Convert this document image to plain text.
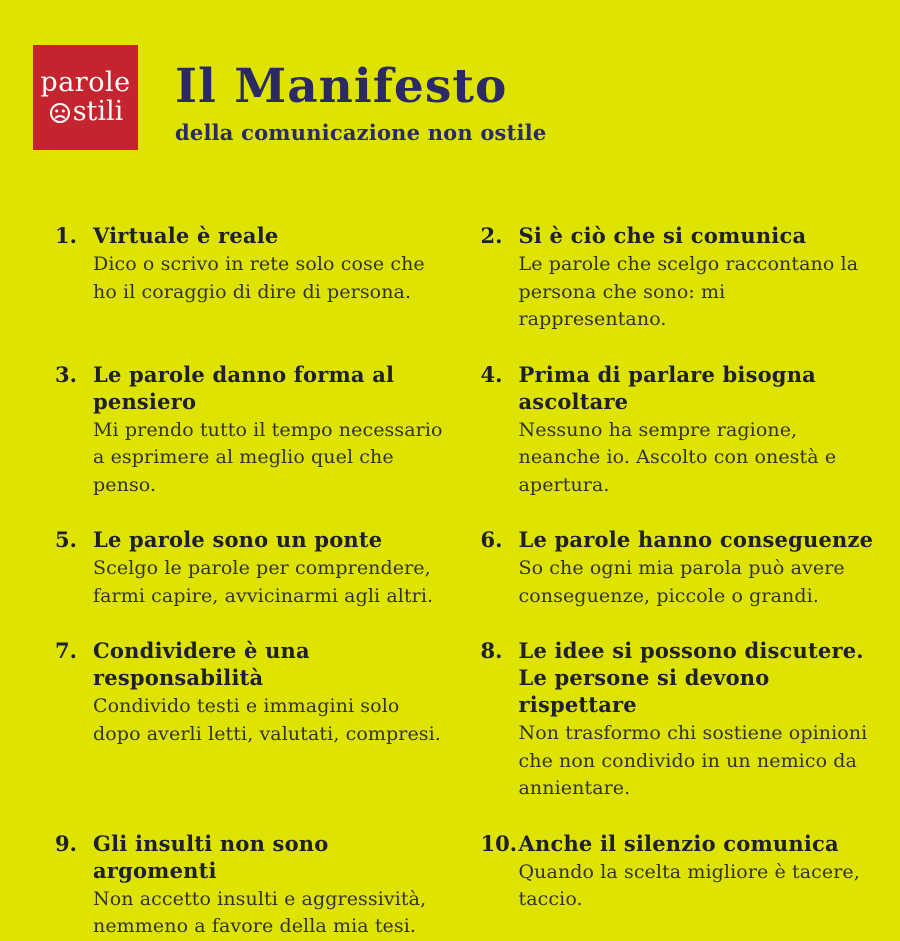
parole
stili Il Manifesto
della comunicazione non ostile
1. Virtuale è reale
Dico o scrivo in rete solo cose che ho il coraggio di dire di persona.
2. Si è ciò che si comunica
Le parole che scelgo raccontano la persona che sono: mi rappresentano.
3. Le parole danno forma al pensiero
Mi prendo tutto il tempo necessario a esprimere al meglio quel che penso.
4. Prima di parlare bisogna ascoltare
Nessuno ha sempre ragione, neanche io. Ascolto con onestà e apertura.
5. Le parole sono un ponte
Scelgo le parole per comprendere, farmi capire, avvicinarmi agli altri.
6. Le parole hanno conseguenze
So che ogni mia parola può avere conseguenze, piccole o grandi.
7. Condividere è una responsabilità
Condivido testi e immagini solo dopo averli letti, valutati, compresi.
8. Le idee si possono discutere. Le persone si devono rispettare
Non trasformo chi sostiene opinioni che non condivido in un nemico da annientare.
9. Gli insulti non sono argomenti
Non accetto insulti e aggressività, nemmeno a favore della mia tesi.
10. Anche il silenzio comunica
Quando la scelta migliore è tacere, taccio.
